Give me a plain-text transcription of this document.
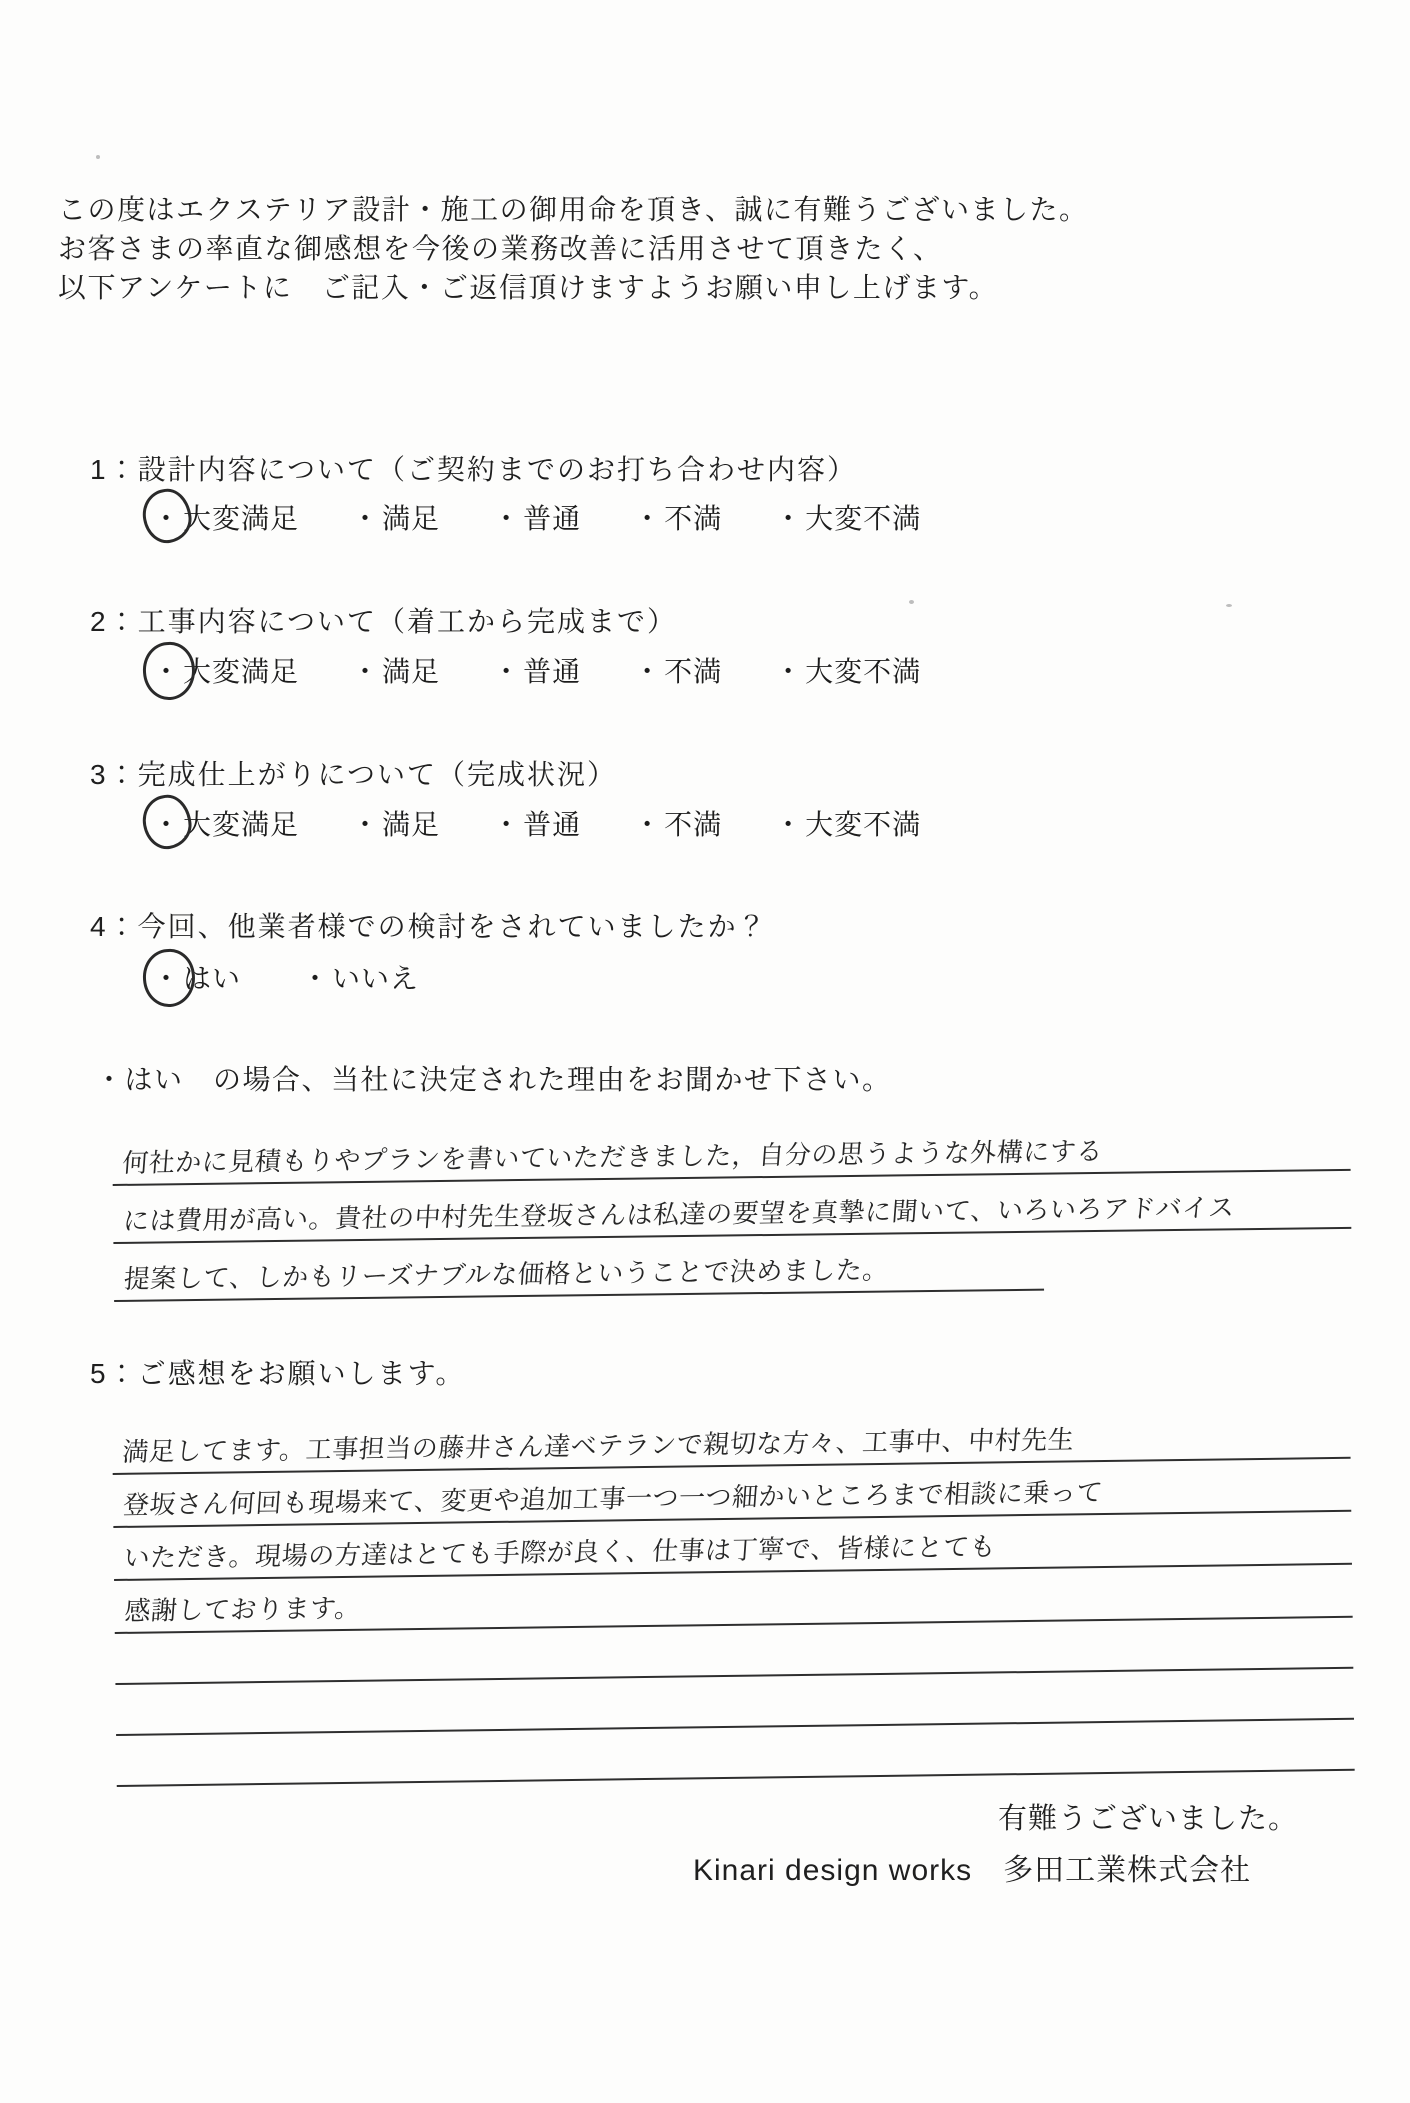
この度はエクステリア設計・施工の御用命を頂き、誠に有難うございました。

お客さまの率直な御感想を今後の業務改善に活用させて頂きたく、

以下アンケートに　ご記入・ご返信頂けますようお願い申し上げます。

1：設計内容について（ご契約までのお打ち合わせ内容）
・ 大変満足 ・ 満足 ・ 普通 ・ 不満 ・ 大変不満
2：工事内容について（着工から完成まで）
・ 大変満足 ・ 満足 ・ 普通 ・ 不満 ・ 大変不満
3：完成仕上がりについて（完成状況）
・ 大変満足 ・ 満足 ・ 普通 ・ 不満 ・ 大変不満
4：今回、他業者様での検討をされていましたか？
・ はい ・ いいえ
・はい　の場合、当社に決定された理由をお聞かせ下さい。
何社かに見積もりやプランを書いていただきました，自分の思うような外構にする
には費用が高い。貴社の中村先生登坂さんは私達の要望を真摯に聞いて、いろいろアドバイス
提案して、しかもリーズナブルな価格ということで決めました。
5：ご感想をお願いします。
満足してます。工事担当の藤井さん達ベテランで親切な方々、工事中、中村先生
登坂さん何回も現場来て、変更や追加工事一つ一つ細かいところまで相談に乗って
いただき。現場の方達はとても手際が良く、仕事は丁寧で、皆様にとても
感謝しております。
有難うございました。
Kinari design works　多田工業株式会社
